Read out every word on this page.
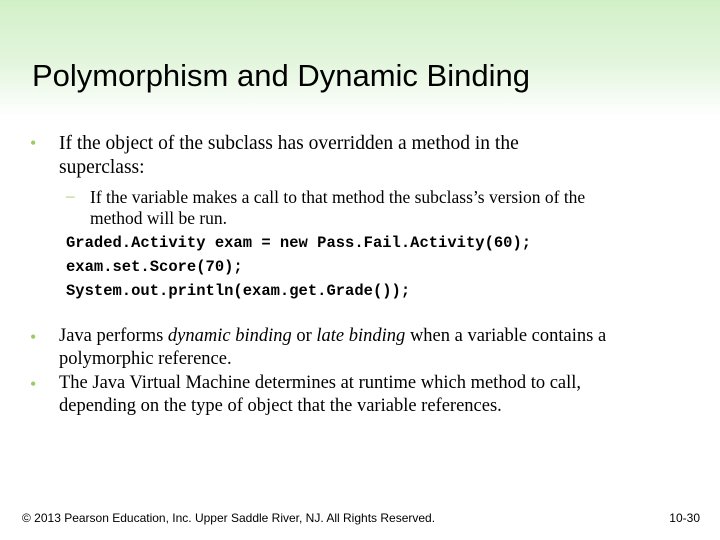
Polymorphism and Dynamic Binding
• If the object of the subclass has overridden a method in the
superclass:
– If the variable makes a call to that method the subclass’s version of the
method will be run.
Graded.Activity exam = new Pass.Fail.Activity(60);
exam.set.Score(70);
System.out.println(exam.get.Grade());
• Java performs dynamic binding or late binding when a variable contains a
polymorphic reference.
• The Java Virtual Machine determines at runtime which method to call,
depending on the type of object that the variable references.
© 2013 Pearson Education, Inc. Upper Saddle River, NJ. All Rights Reserved.	10-30
